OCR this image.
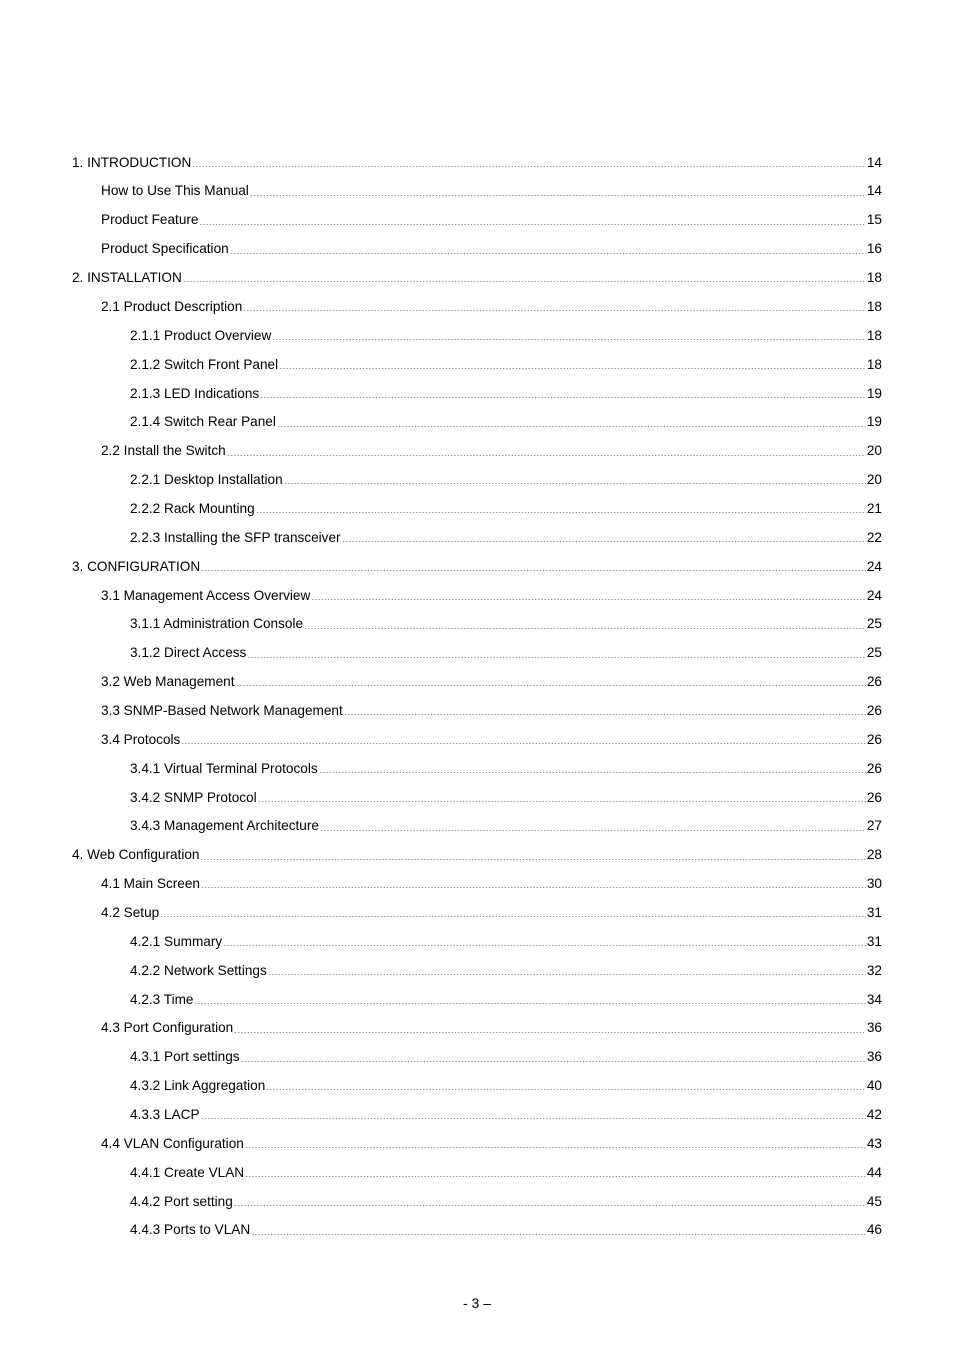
1. INTRODUCTION	14
How to Use This Manual	14
Product Feature	15
Product Specification	16
2. INSTALLATION	18
2.1 Product Description	18
2.1.1 Product Overview	18
2.1.2 Switch Front Panel	18
2.1.3 LED Indications	19
2.1.4 Switch Rear Panel	19
2.2 Install the Switch	20
2.2.1 Desktop Installation	20
2.2.2 Rack Mounting	21
2.2.3 Installing the SFP transceiver	22
3. CONFIGURATION	24
3.1 Management Access Overview	24
3.1.1 Administration Console	25
3.1.2 Direct Access	25
3.2 Web Management	26
3.3 SNMP-Based Network Management	26
3.4 Protocols	26
3.4.1 Virtual Terminal Protocols	26
3.4.2 SNMP Protocol	26
3.4.3 Management Architecture	27
4. Web Configuration	28
4.1 Main Screen	30
4.2 Setup	31
4.2.1 Summary	31
4.2.2 Network Settings	32
4.2.3 Time	34
4.3 Port Configuration	36
4.3.1 Port settings	36
4.3.2 Link Aggregation	40
4.3.3 LACP	42
4.4 VLAN Configuration	43
4.4.1 Create VLAN	44
4.4.2 Port setting	45
4.4.3 Ports to VLAN	46
- 3 –
